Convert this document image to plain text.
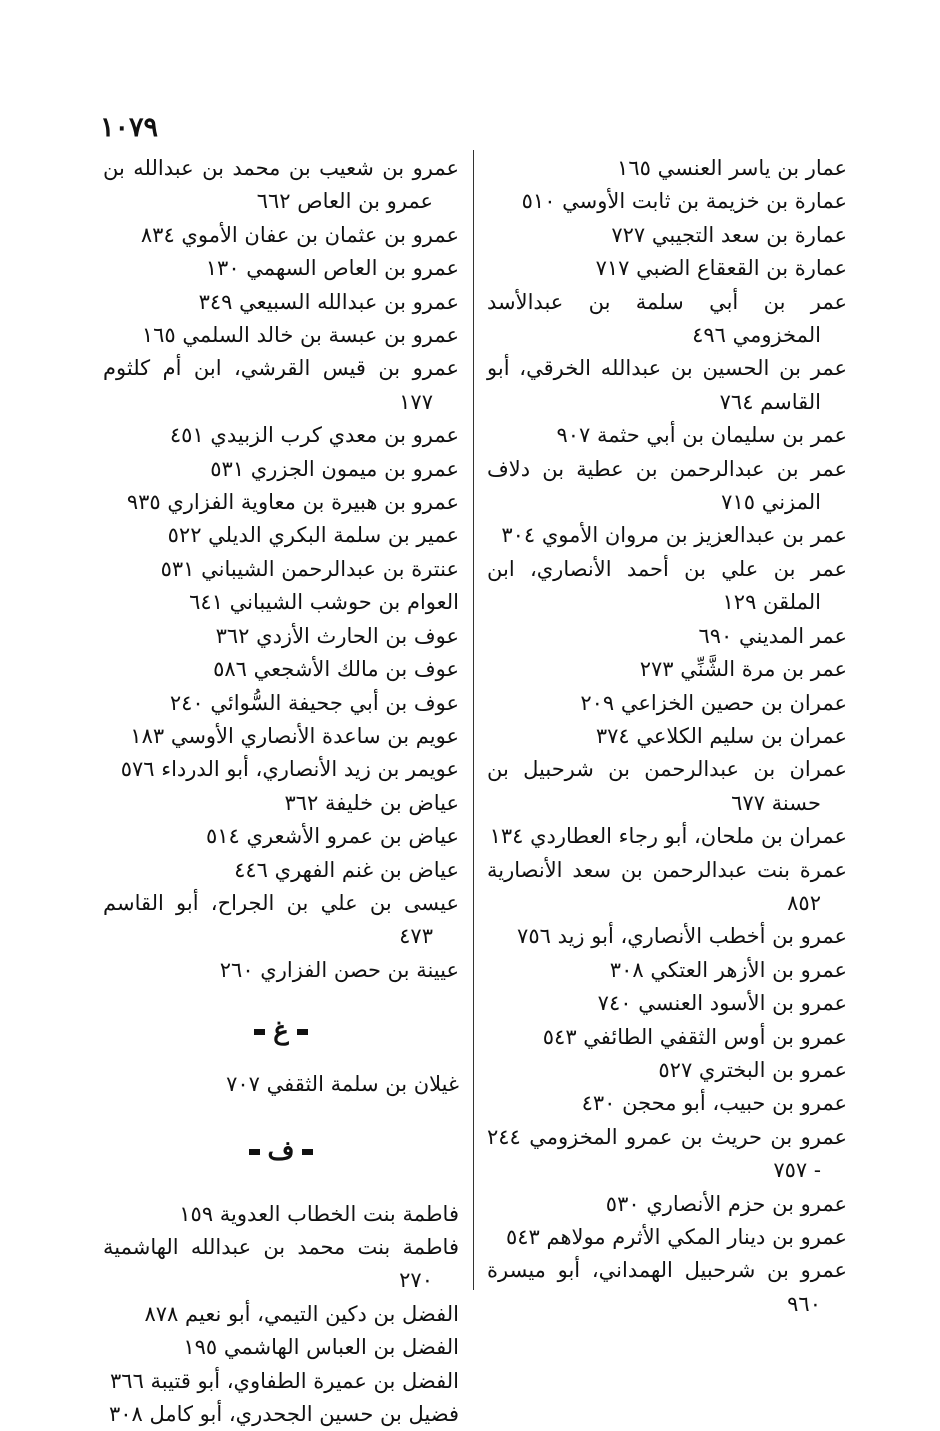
١٠٧٩
عمار بن ياسر العنسي ١٦٥
عمارة بن خزيمة بن ثابت الأوسي ٥١٠
عمارة بن سعد التجيبي ٧٢٧
عمارة بن القعقاع الضبي ٧١٧
عمر بن أبي سلمة بن عبدالأسد المخزومي ٤٩٦
عمر بن الحسين بن عبدالله الخرقي، أبو القاسم ٧٦٤
عمر بن سليمان بن أبي حثمة ٩٠٧
عمر بن عبدالرحمن بن عطية بن دلاف المزني ٧١٥
عمر بن عبدالعزيز بن مروان الأموي ٣٠٤
عمر بن علي بن أحمد الأنصاري، ابن الملقن ١٢٩
عمر المديني ٦٩٠
عمر بن مرة الشَّنِّي ٢٧٣
عمران بن حصين الخزاعي ٢٠٩
عمران بن سليم الكلاعي ٣٧٤
عمران بن عبدالرحمن بن شرحبيل بن حسنة ٦٧٧
عمران بن ملحان، أبو رجاء العطاردي ١٣٤
عمرة بنت عبدالرحمن بن سعد الأنصارية ٨٥٢
عمرو بن أخطب الأنصاري، أبو زيد ٧٥٦
عمرو بن الأزهر العتكي ٣٠٨
عمرو بن الأسود العنسي ٧٤٠
عمرو بن أوس الثقفي الطائفي ٥٤٣
عمرو بن البختري ٥٢٧
عمرو بن حبيب، أبو محجن ٤٣٠
عمرو بن حريث بن عمرو المخزومي ٢٤٤ - ٧٥٧
عمرو بن حزم الأنصاري ٥٣٠
عمرو بن دينار المكي الأثرم مولاهم ٥٤٣
عمرو بن شرحبيل الهمداني، أبو ميسرة ٩٦٠
عمرو بن شعيب بن محمد بن عبدالله بن عمرو بن العاص ٦٦٢
عمرو بن عثمان بن عفان الأموي ٨٣٤
عمرو بن العاص السهمي ١٣٠
عمرو بن عبدالله السبيعي ٣٤٩
عمرو بن عبسة بن خالد السلمي ١٦٥
عمرو بن قيس القرشي، ابن أم كلثوم ١٧٧
عمرو بن معدي كرب الزبيدي ٤٥١
عمرو بن ميمون الجزري ٥٣١
عمرو بن هبيرة بن معاوية الفزاري ٩٣٥
عمير بن سلمة البكري الديلي ٥٢٢
عنترة بن عبدالرحمن الشيباني ٥٣١
العوام بن حوشب الشيباني ٦٤١
عوف بن الحارث الأزدي ٣٦٢
عوف بن مالك الأشجعي ٥٨٦
عوف بن أبي جحيفة السُّوائي ٢٤٠
عويم بن ساعدة الأنصاري الأوسي ١٨٣
عويمر بن زيد الأنصاري، أبو الدرداء ٥٧٦
عياض بن خليفة ٣٦٢
عياض بن عمرو الأشعري ٥١٤
عياض بن غنم الفهري ٤٤٦
عيسى بن علي بن الجراح، أبو القاسم ٤٧٣
عيينة بن حصن الفزاري ٢٦٠
غ
غيلان بن سلمة الثقفي ٧٠٧
ف
فاطمة بنت الخطاب العدوية ١٥٩
فاطمة بنت محمد بن عبدالله الهاشمية ٢٧٠
الفضل بن دكين التيمي، أبو نعيم ٨٧٨
الفضل بن العباس الهاشمي ١٩٥
الفضل بن عميرة الطفاوي، أبو قتيبة ٣٦٦
فضيل بن حسين الجحدري، أبو كامل ٣٠٨
